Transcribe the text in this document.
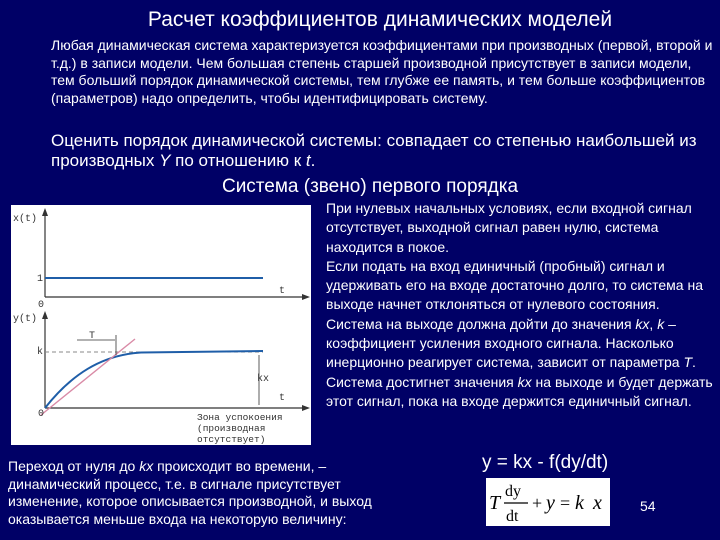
Расчет коэффициентов динамических моделей
Любая динамическая система характеризуется коэффициентами при производных (первой, второй и т.д.) в записи модели. Чем большая степень старшей производной присутствует в записи модели, тем больший порядок динамической системы, тем глубже ее память, и тем больше коэффициентов (параметров) надо определить, чтобы идентифицировать систему.
Оценить порядок динамической системы: совпадает со степенью наибольшей из производных Y по отношению к t.
Система (звено) первого порядка
x(t)
1
0
t
y(t)
T
k
kx
t
0	Зона успокоения
(производная
отсутствует)
При нулевых начальных условиях, если входной сигнал отсутствует, выходной сигнал равен нулю, система находится в покое.
Если подать на вход единичный (пробный) сигнал и удерживать его на входе достаточно долго, то система на выходе начнет отклоняться от нулевого состояния. Система на выходе должна дойти до значения kx, k – коэффициент усиления входного сигнала. Насколько инерционно реагирует система, зависит от параметра T.
Система достигнет значения kx на выходе и будет держать этот сигнал, пока на входе держится единичный сигнал.
Переход от нуля до kx происходит во времени, – динамический процесс, т.е. в сигнале присутствует изменение, которое описывается производной, и выход оказывается меньше входа на некоторую величину:
y = kx - f(dy/dt)
T
dy
dt
+ y = k x	54
